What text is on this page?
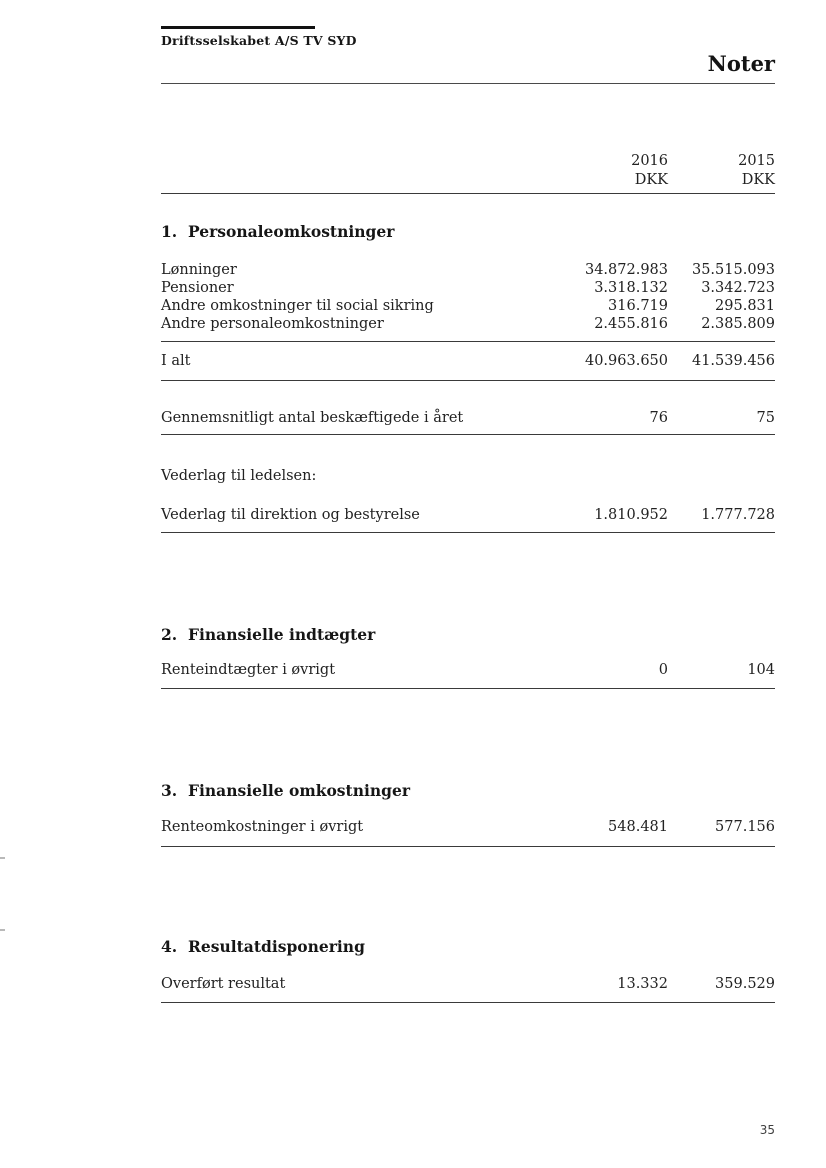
Driftsselskabet A/S TV SYD
Noter
2016	2015
DKK	DKK
1. Personaleomkostninger
Lønninger	34.872.983	35.515.093
Pensioner	3.318.132	3.342.723
Andre omkostninger til social sikring	316.719	295.831
Andre personaleomkostninger	2.455.816	2.385.809
I alt	40.963.650	41.539.456
Gennemsnitligt antal beskæftigede i året	76	75
Vederlag til ledelsen:
Vederlag til direktion og bestyrelse	1.810.952	1.777.728
2. Finansielle indtægter
Renteindtægter i øvrigt	0	104
3. Finansielle omkostninger
Renteomkostninger i øvrigt	548.481	577.156
4. Resultatdisponering
Overført resultat	13.332	359.529
35
